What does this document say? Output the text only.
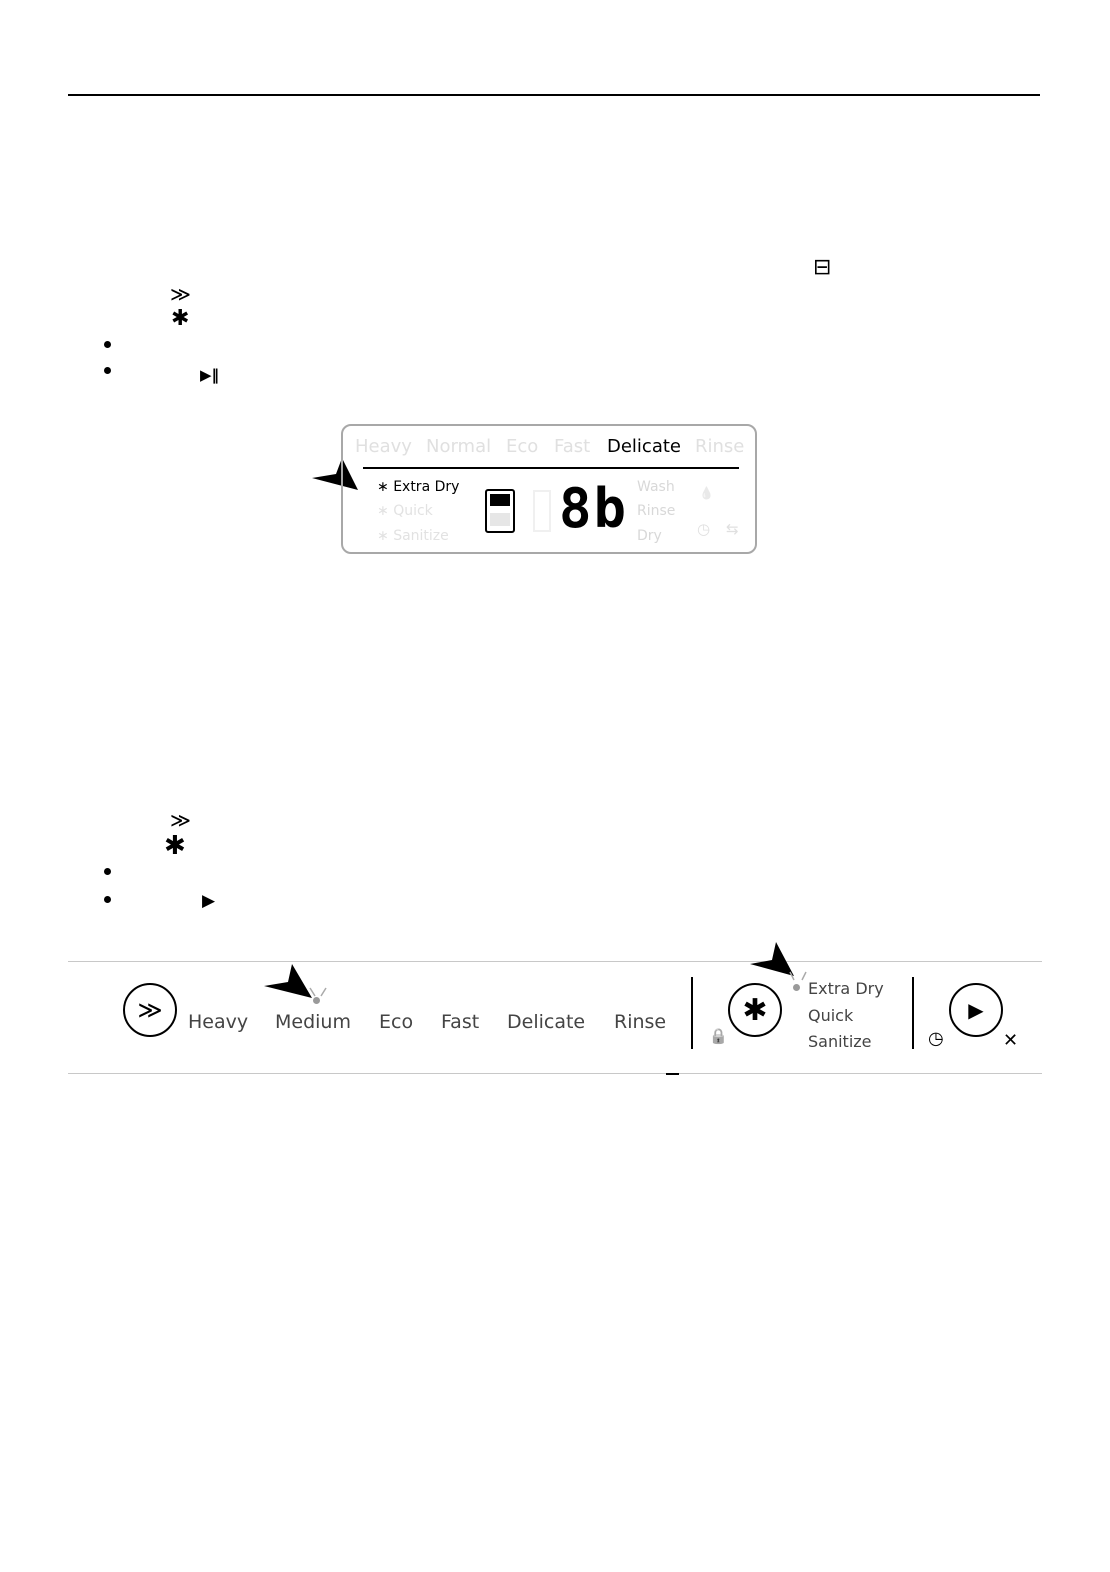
⊟
≫
✱
▶‖
Heavy Normal Eco Fast Delicate Rinse
∗ Extra Dry
∗ Quick
∗ Sanitize 8b Wash
Rinse
Dry
💧
◷ ⇆
≫
✱
▶
≫	Heavy Medium Eco Fast Delicate Rinse
🔒
✱
Extra Dry
Quick
Sanitize	◷
▶
✕
